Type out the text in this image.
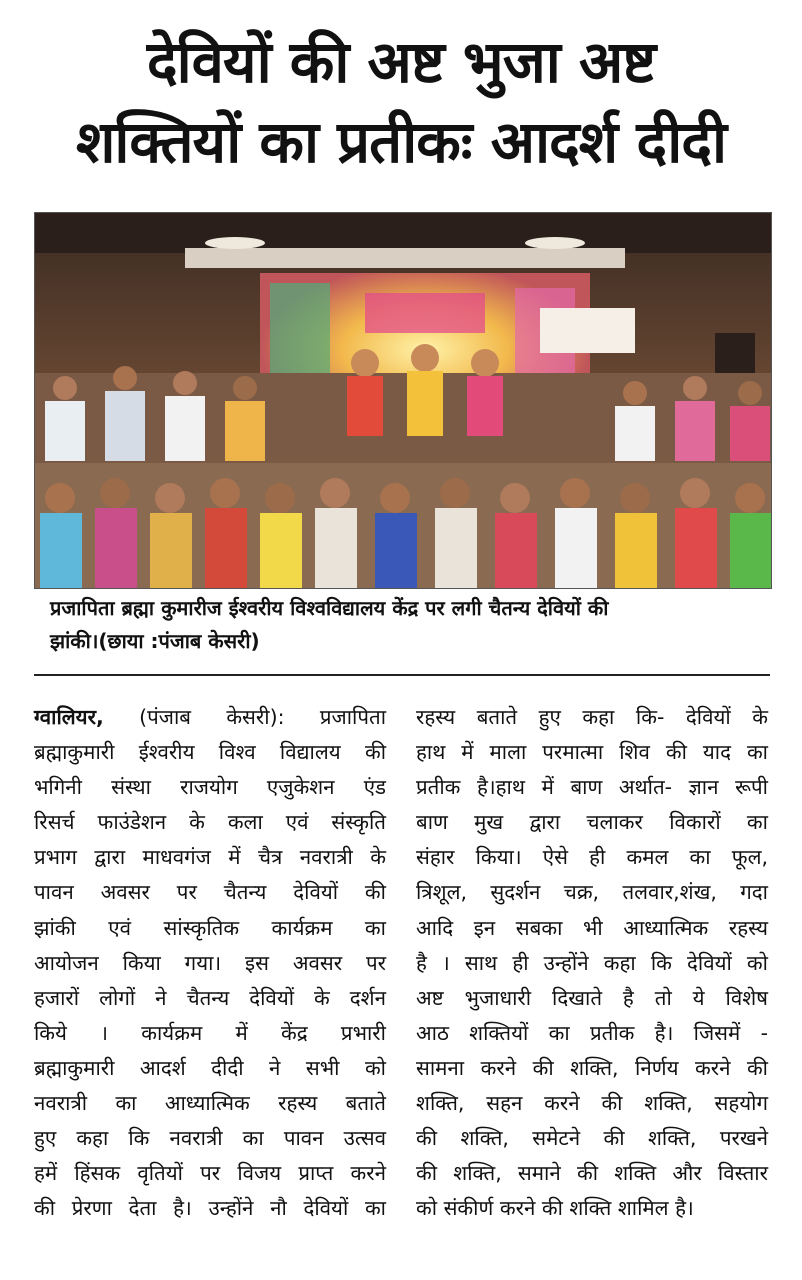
देवियों की अष्ट भुजा अष्ट
शक्तियों का प्रतीकः आदर्श दीदी
प्रजापिता ब्रह्मा कुमारीज ईश्वरीय विश्वविद्यालय केंद्र पर लगी चैतन्य देवियों की
झांकी।(छाया :पंजाब केसरी)
ग्वालियर, (पंजाब केसरी): प्रजापिता
ब्रह्माकुमारी ईश्वरीय विश्व विद्यालय की
भगिनी संस्था राजयोग एजुकेशन एंड
रिसर्च फाउंडेशन के कला एवं संस्कृति
प्रभाग द्वारा माधवगंज में चैत्र नवरात्री के
पावन अवसर पर चैतन्य देवियों की
झांकी एवं सांस्कृतिक कार्यक्रम का
आयोजन किया गया। इस अवसर पर
हजारों लोगों ने चैतन्य देवियों के दर्शन
किये । कार्यक्रम में केंद्र प्रभारी
ब्रह्माकुमारी आदर्श दीदी ने सभी को
नवरात्री का आध्यात्मिक रहस्य बताते
हुए कहा कि नवरात्री का पावन उत्सव
हमें हिंसक वृतियों पर विजय प्राप्त करने
की प्रेरणा देता है। उन्होंने नौ देवियों का
रहस्य बताते हुए कहा कि- देवियों के
हाथ में माला परमात्मा शिव की याद का
प्रतीक है।हाथ में बाण अर्थात- ज्ञान रूपी
बाण मुख द्वारा चलाकर विकारों का
संहार किया। ऐसे ही कमल का फूल,
त्रिशूल, सुदर्शन चक्र, तलवार,शंख, गदा
आदि इन सबका भी आध्यात्मिक रहस्य
है । साथ ही उन्होंने कहा कि देवियों को
अष्ट भुजाधारी दिखाते है तो ये विशेष
आठ शक्तियों का प्रतीक है। जिसमें -
सामना करने की शक्ति, निर्णय करने की
शक्ति, सहन करने की शक्ति, सहयोग
की शक्ति, समेटने की शक्ति, परखने
की शक्ति, समाने की शक्ति और विस्तार
को संकीर्ण करने की शक्ति शामिल है।
